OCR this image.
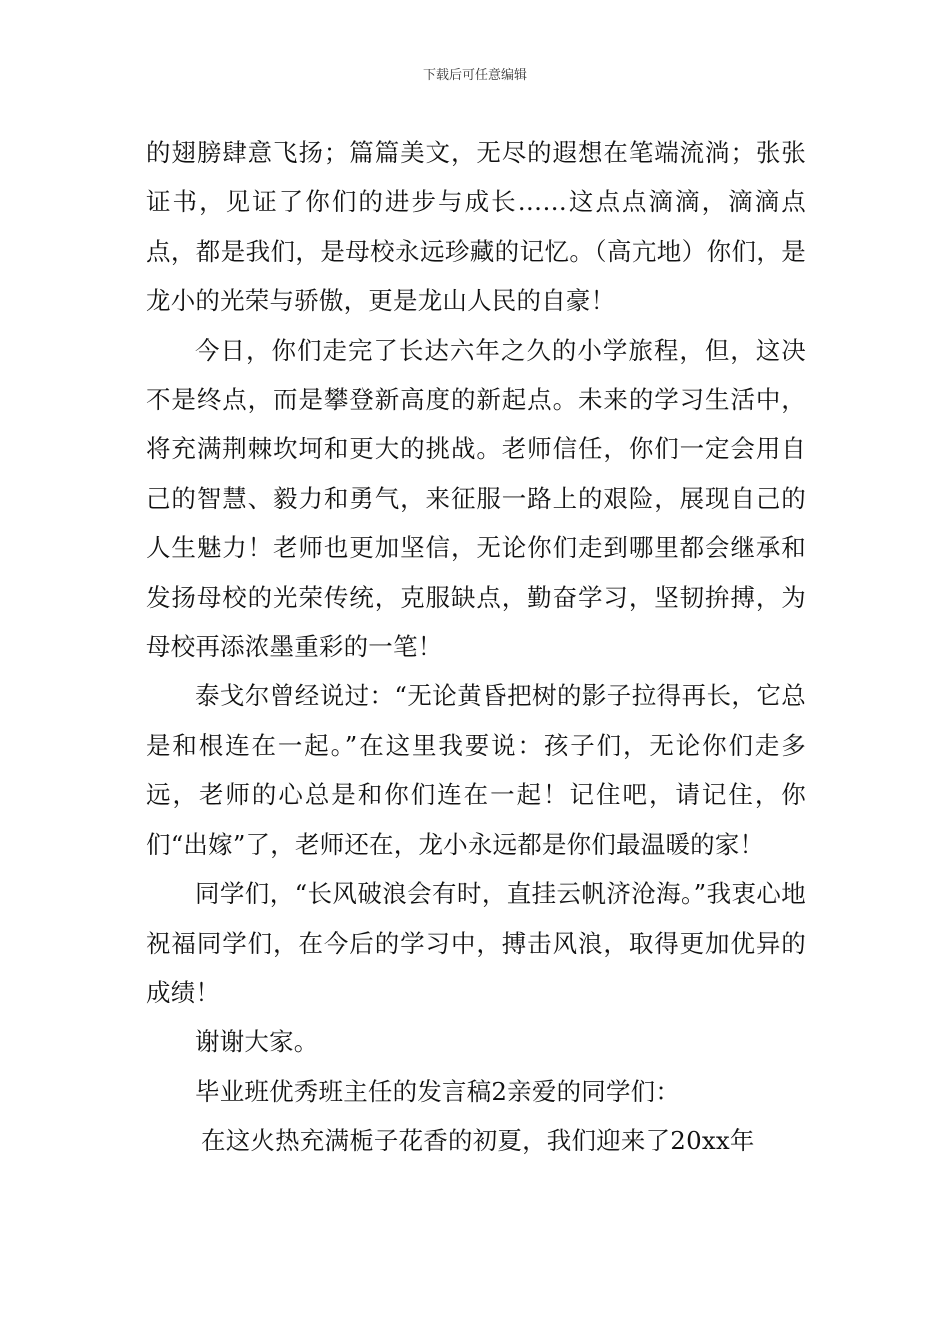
下载后可任意编辑

的翅膀肆意飞扬；篇篇美文，无尽的遐想在笔端流淌；张张证书，见证了你们的进步与成长……这点点滴滴，滴滴点点，都是我们，是母校永远珍藏的记忆。（高亢地）你们，是龙小的光荣与骄傲，更是龙山人民的自豪！

今日，你们走完了长达六年之久的小学旅程，但，这决不是终点，而是攀登新高度的新起点。未来的学习生活中，将充满荆棘坎坷和更大的挑战。老师信任，你们一定会用自己的智慧、毅力和勇气，来征服一路上的艰险，展现自己的人生魅力！老师也更加坚信，无论你们走到哪里都会继承和发扬母校的光荣传统，克服缺点，勤奋学习，坚韧拚搏，为母校再添浓墨重彩的一笔！

泰戈尔曾经说过：“无论黄昏把树的影子拉得再长，它总是和根连在一起。”在这里我要说：孩子们，无论你们走多远，老师的心总是和你们连在一起！记住吧，请记住，你们“出嫁”了，老师还在，龙小永远都是你们最温暖的家！

同学们，“长风破浪会有时，直挂云帆济沧海。”我衷心地祝福同学们，在今后的学习中，搏击风浪，取得更加优异的成绩！

谢谢大家。

毕业班优秀班主任的发言稿2亲爱的同学们：

在这火热充满栀子花香的初夏，我们迎来了20xx年
